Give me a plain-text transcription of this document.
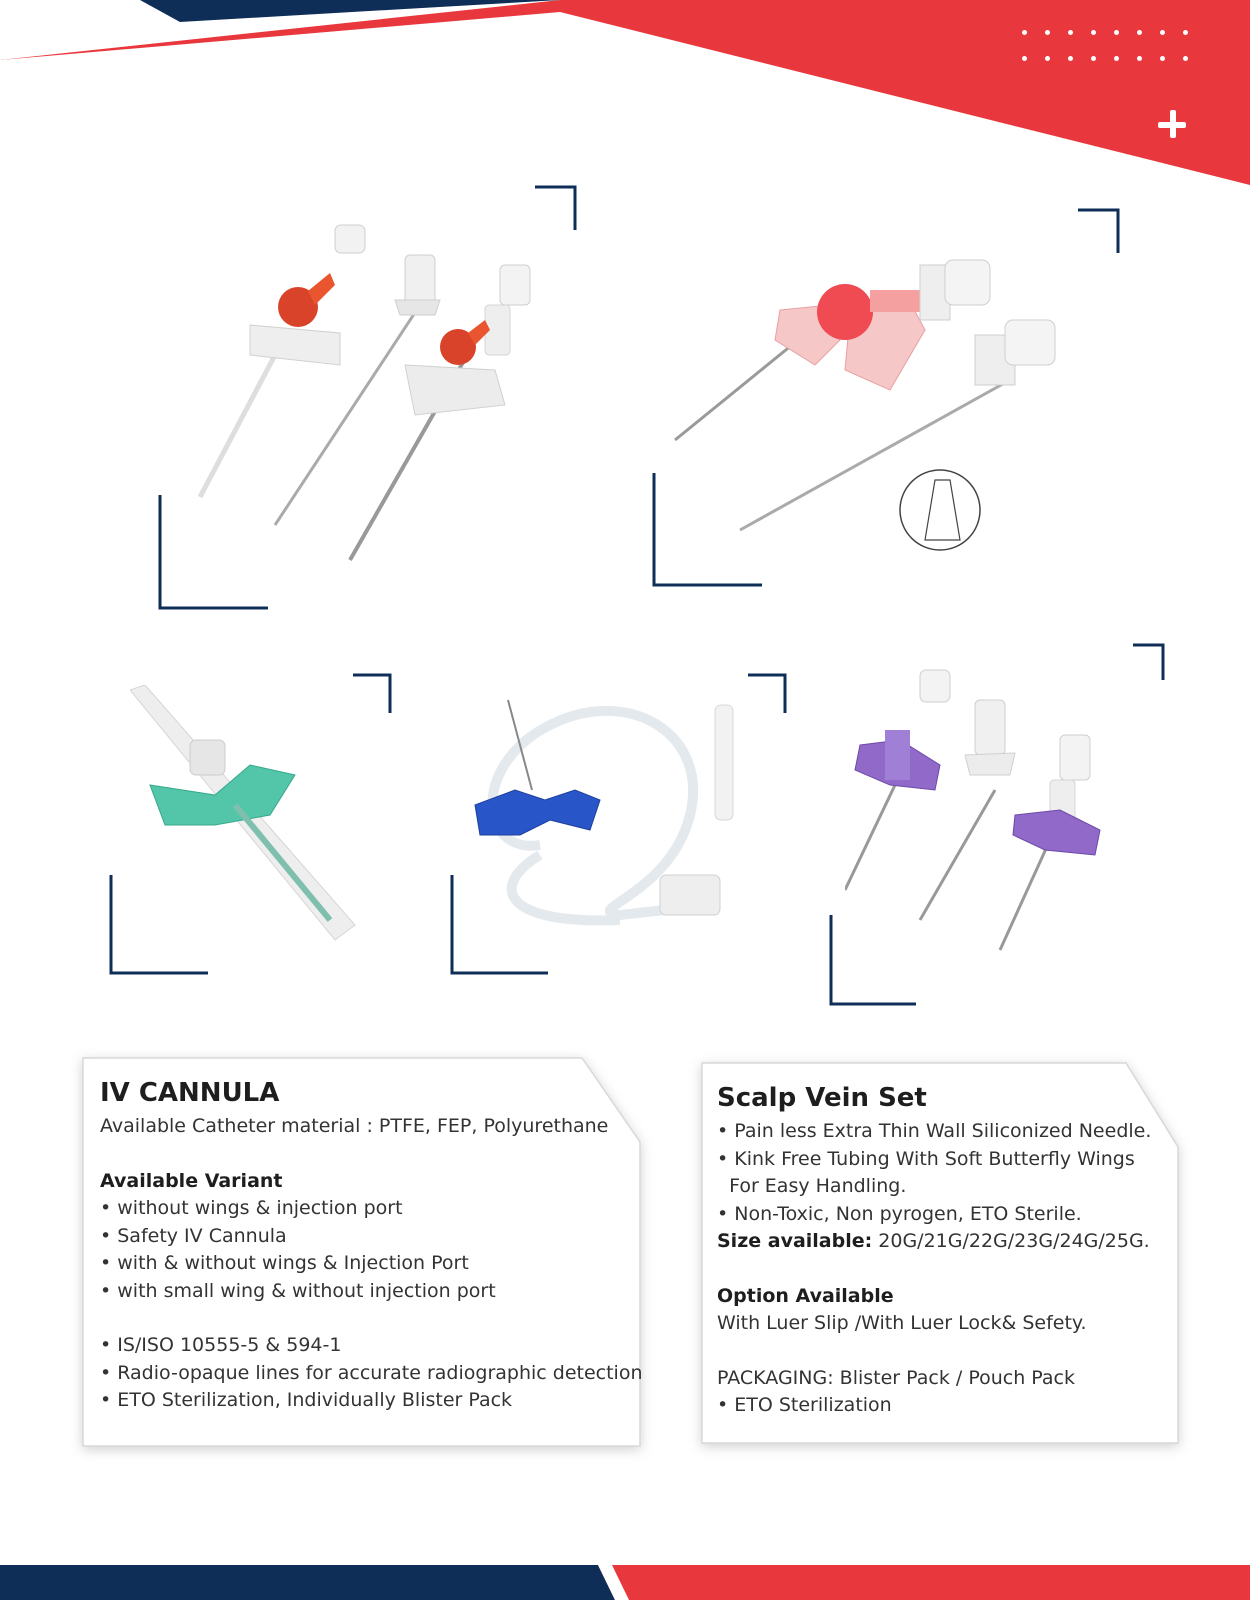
IV CANNULA
Available Catheter material : PTFE, FEP, Polyurethane
Available Variant
• without wings & injection port
• Safety IV Cannula
• with & without wings & Injection Port
• with small wing & without injection port
• IS/ISO 10555-5 & 594-1
• Radio-opaque lines for accurate radiographic detection
• ETO Sterilization, Individually Blister Pack
Scalp Vein Set
• Pain less Extra Thin Wall Siliconized Needle.
• Kink Free Tubing With Soft Butterfly Wings
For Easy Handling.
• Non-Toxic, Non pyrogen, ETO Sterile.
Size available: 20G/21G/22G/23G/24G/25G.
Option Available
With Luer Slip /With Luer Lock& Sefety.
PACKAGING: Blister Pack / Pouch Pack
• ETO Sterilization
